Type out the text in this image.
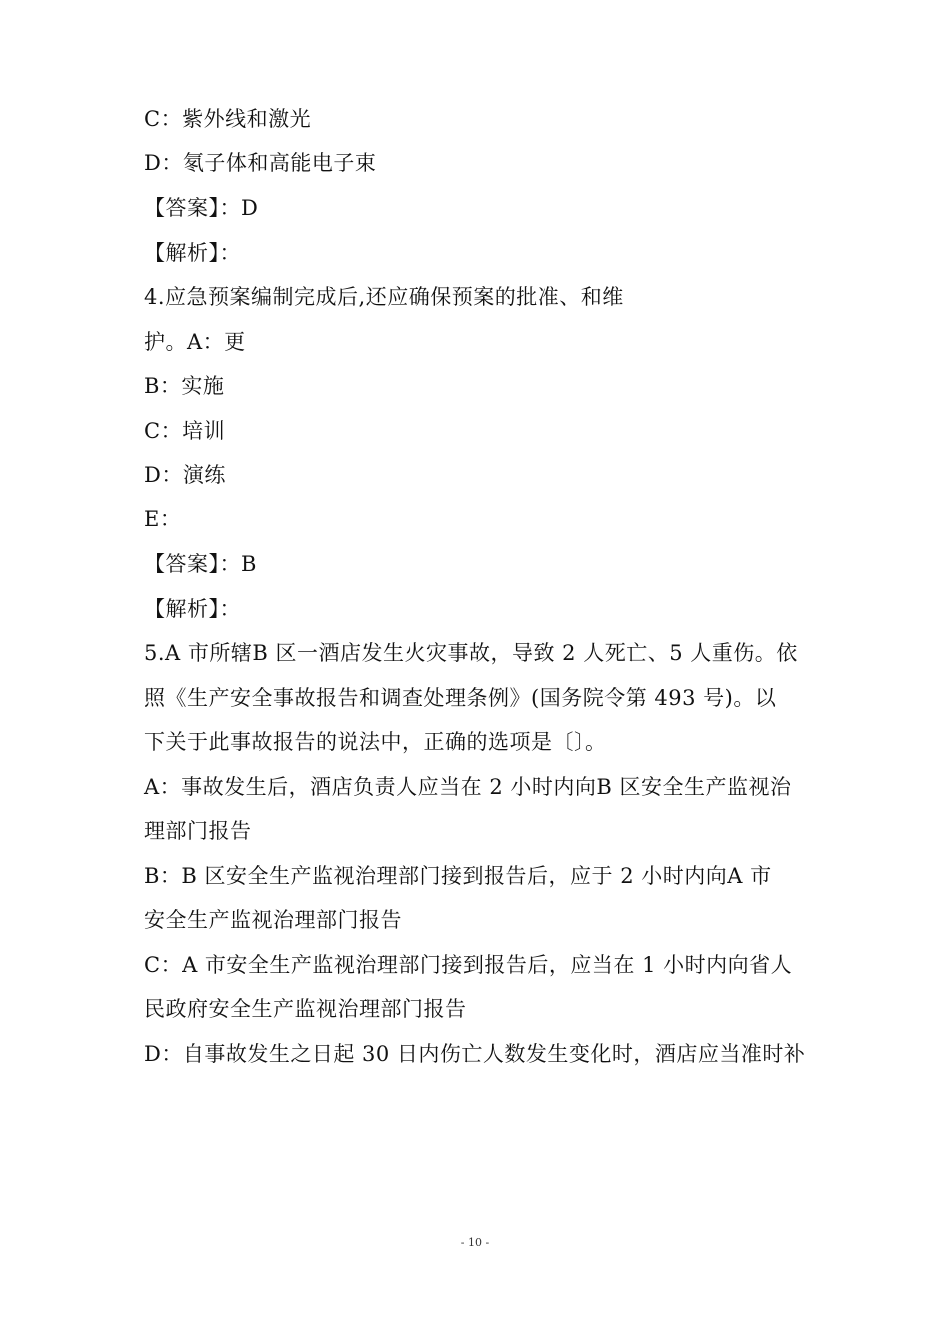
C：紫外线和激光
D：氡子体和高能电子束
【答案】：D
【解析】：
4.应急预案编制完成后,还应确保预案的批准、和维
护。A：更
B：实施
C：培训
D：演练
E：
【答案】：B
【解析】：
5.A 市所辖B 区一酒店发生火灾事故，导致 2 人死亡、5 人重伤。依
照《生产安全事故报告和调查处理条例》(国务院令第 493 号)。以
下关于此事故报告的说法中，正确的选项是〔〕。
A：事故发生后，酒店负责人应当在 2 小时内向B 区安全生产监视治
理部门报告
B：B 区安全生产监视治理部门接到报告后，应于 2 小时内向A 市
安全生产监视治理部门报告
C：A 市安全生产监视治理部门接到报告后，应当在 1 小时内向省人
民政府安全生产监视治理部门报告
D：自事故发生之日起 30 日内伤亡人数发生变化时，酒店应当准时补
- 10 -
